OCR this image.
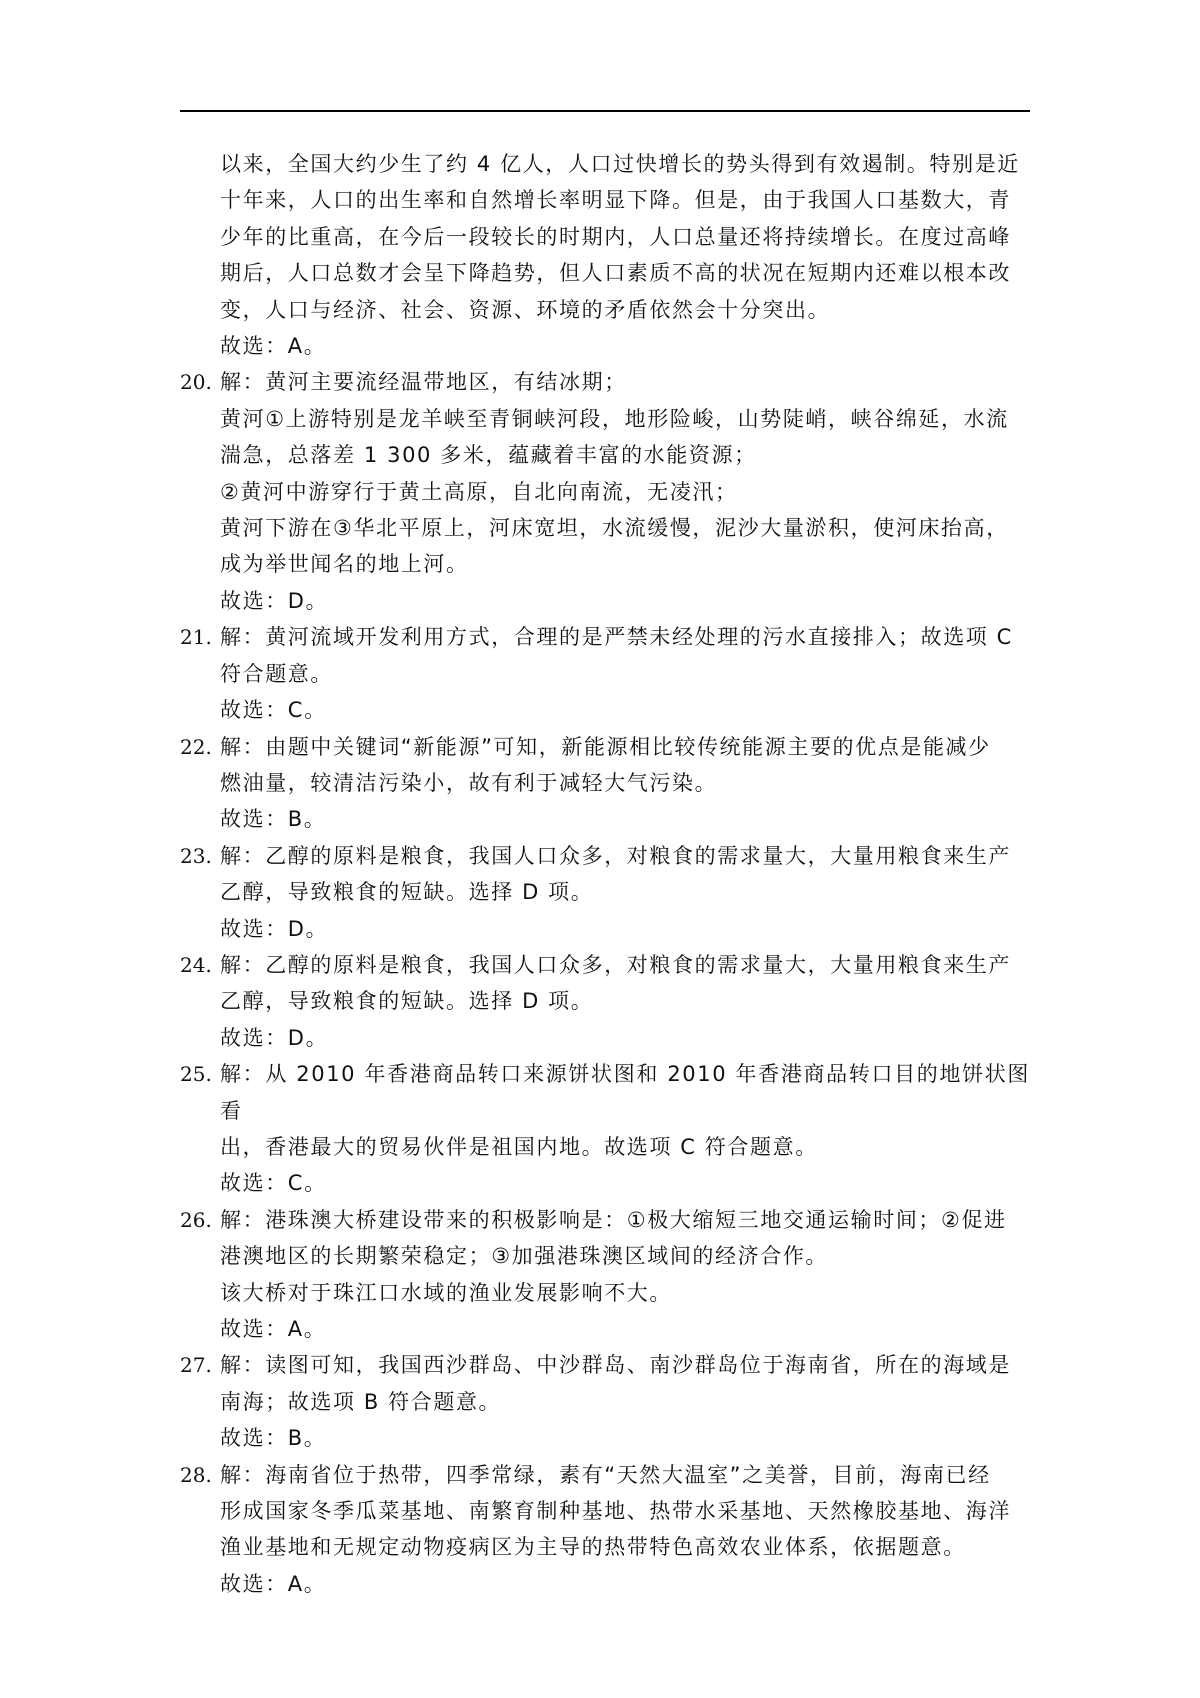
以来，全国大约少生了约 4 亿人，人口过快增长的势头得到有效遏制。特别是近
十年来，人口的出生率和自然增长率明显下降。但是，由于我国人口基数大，青
少年的比重高，在今后一段较长的时期内，人口总量还将持续增长。在度过高峰
期后，人口总数才会呈下降趋势，但人口素质不高的状况在短期内还难以根本改
变，人口与经济、社会、资源、环境的矛盾依然会十分突出。
故选：A。
20. 解：黄河主要流经温带地区，有结冰期；
黄河①上游特别是龙羊峡至青铜峡河段，地形险峻，山势陡峭，峡谷绵延，水流
湍急，总落差 1 300 多米，蕴藏着丰富的水能资源；
②黄河中游穿行于黄土高原，自北向南流，无凌汛；
黄河下游在③华北平原上，河床宽坦，水流缓慢，泥沙大量淤积，使河床抬高，
成为举世闻名的地上河。
故选：D。
21. 解：黄河流域开发利用方式，合理的是严禁未经处理的污水直接排入；故选项 C
符合题意。
故选：C。
22. 解：由题中关键词“新能源”可知，新能源相比较传统能源主要的优点是能减少
燃油量，较清洁污染小，故有利于减轻大气污染。
故选：B。
23. 解：乙醇的原料是粮食，我国人口众多，对粮食的需求量大，大量用粮食来生产
乙醇，导致粮食的短缺。选择 D 项。
故选：D。
24. 解：乙醇的原料是粮食，我国人口众多，对粮食的需求量大，大量用粮食来生产
乙醇，导致粮食的短缺。选择 D 项。
故选：D。
25. 解：从 2010 年香港商品转口来源饼状图和 2010 年香港商品转口目的地饼状图看
出，香港最大的贸易伙伴是祖国内地。故选项 C 符合题意。
故选：C。
26. 解：港珠澳大桥建设带来的积极影响是：①极大缩短三地交通运输时间；②促进
港澳地区的长期繁荣稳定；③加强港珠澳区域间的经济合作。
该大桥对于珠江口水域的渔业发展影响不大。
故选：A。
27. 解：读图可知，我国西沙群岛、中沙群岛、南沙群岛位于海南省，所在的海域是
南海；故选项 B 符合题意。
故选：B。
28. 解：海南省位于热带，四季常绿，素有“天然大温室”之美誉，目前，海南已经
形成国家冬季瓜菜基地、南繁育制种基地、热带水采基地、天然橡胶基地、海洋
渔业基地和无规定动物疫病区为主导的热带特色高效农业体系，依据题意。
故选：A。
